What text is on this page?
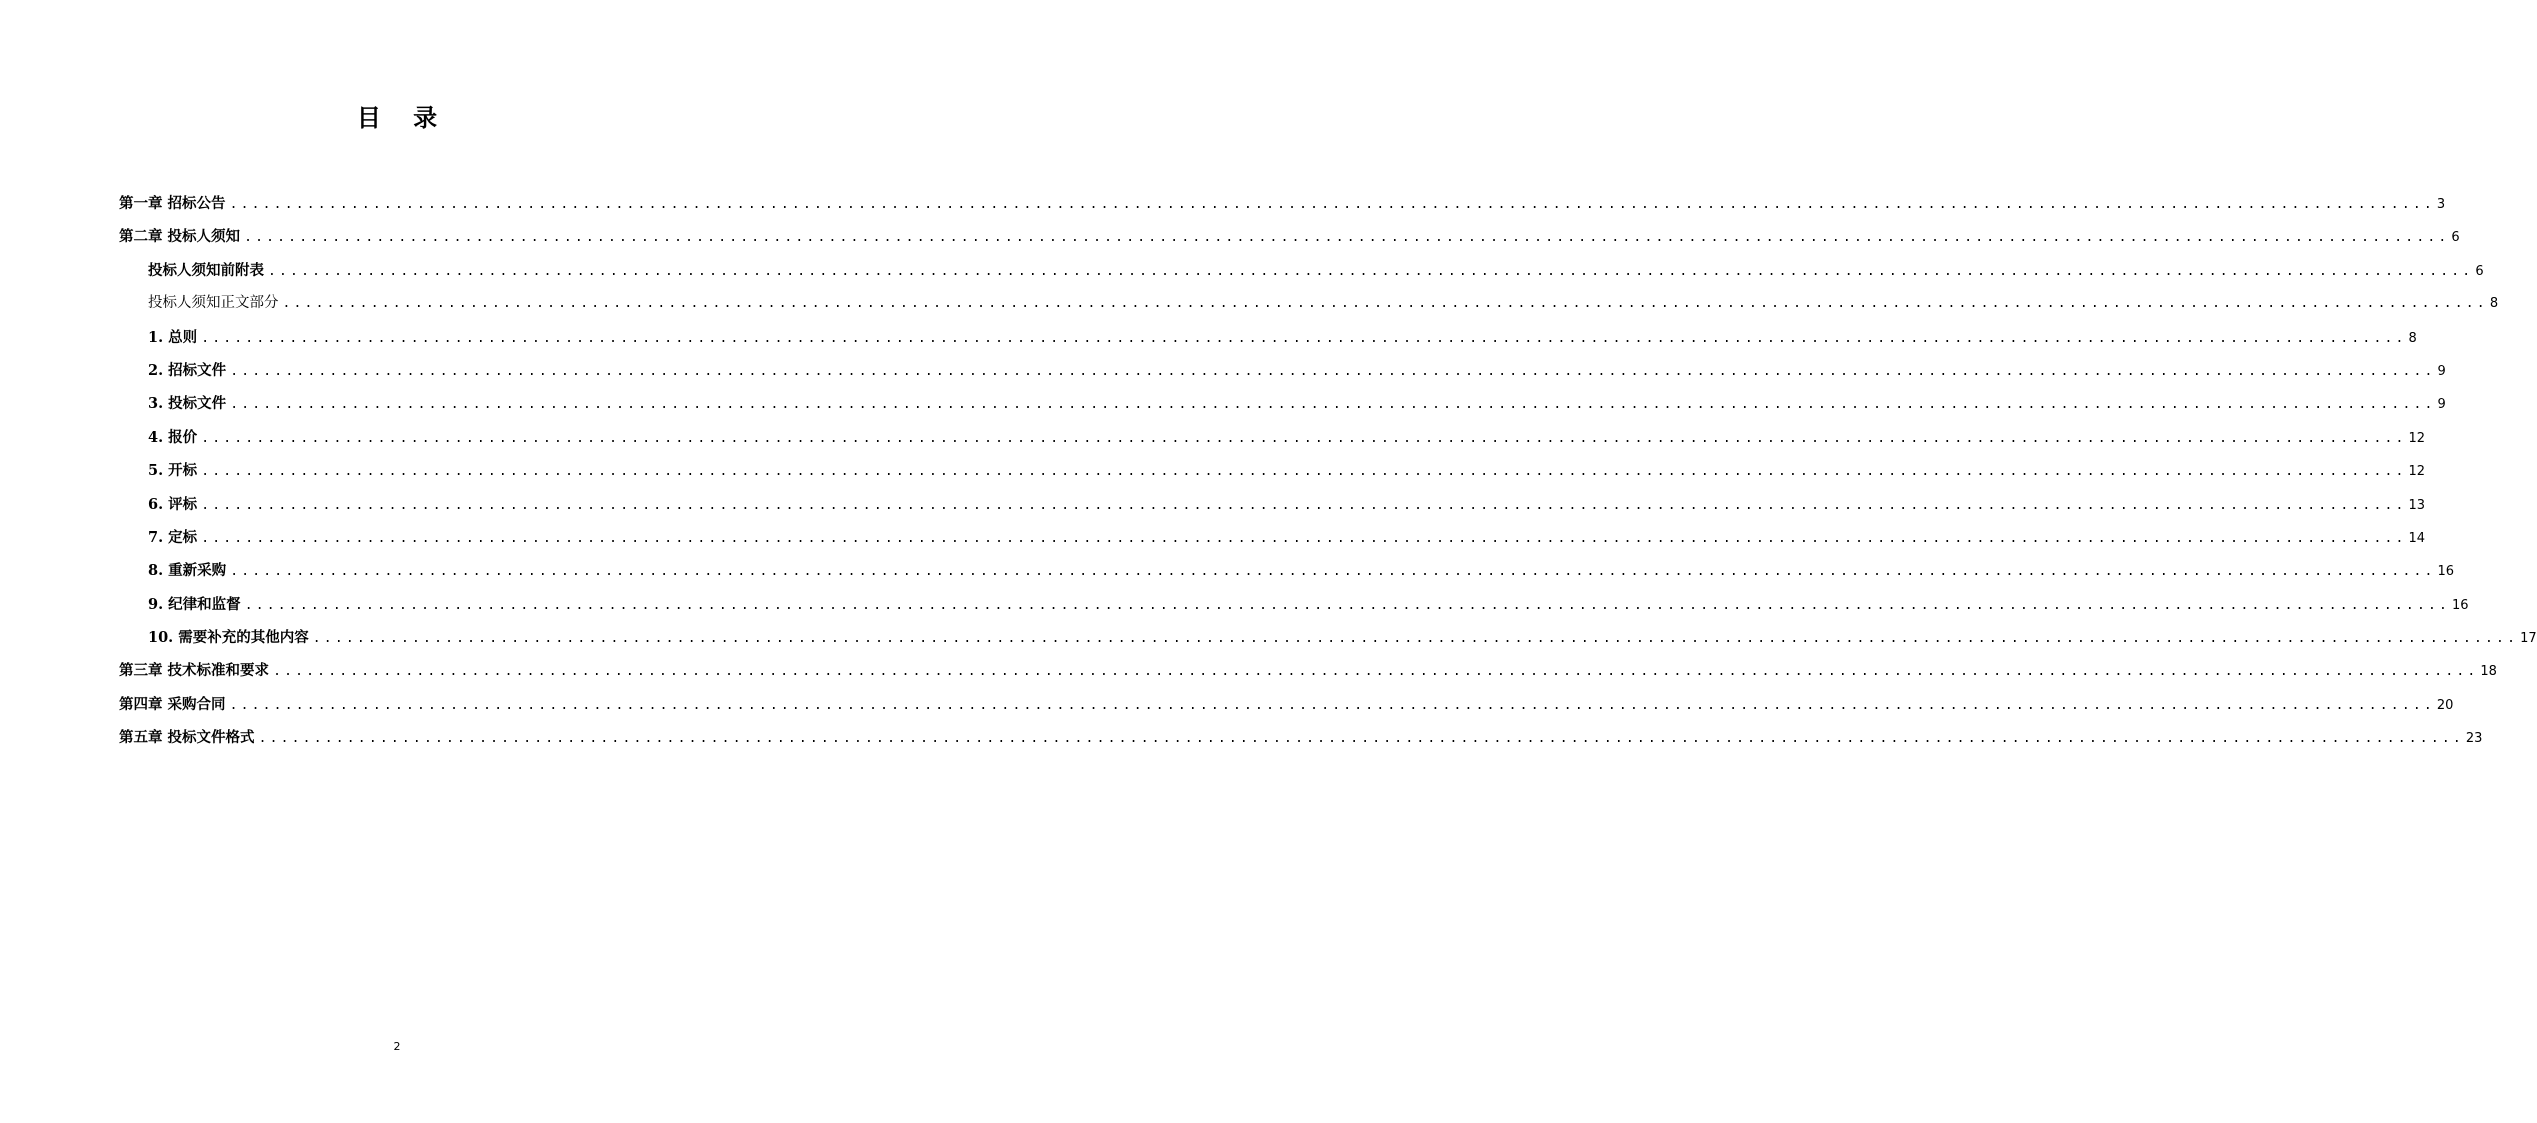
目 录
第一章 招标公告 ........................................................................................................................................................................................................ 3
第二章 投标人须知 ........................................................................................................................................................................................................ 6
投标人须知前附表 ........................................................................................................................................................................................................ 6
投标人须知正文部分 ........................................................................................................................................................................................................ 8
1. 总则 ........................................................................................................................................................................................................ 8
2. 招标文件 ........................................................................................................................................................................................................ 9
3. 投标文件 ........................................................................................................................................................................................................ 9
4. 报价 ........................................................................................................................................................................................................ 12
5. 开标 ........................................................................................................................................................................................................ 12
6. 评标 ........................................................................................................................................................................................................ 13
7. 定标 ........................................................................................................................................................................................................ 14
8. 重新采购 ........................................................................................................................................................................................................ 16
9. 纪律和监督 ........................................................................................................................................................................................................ 16
10. 需要补充的其他内容 ........................................................................................................................................................................................................ 17
第三章 技术标准和要求 ........................................................................................................................................................................................................ 18
第四章 采购合同 ........................................................................................................................................................................................................ 20
第五章 投标文件格式 ........................................................................................................................................................................................................ 23
2
